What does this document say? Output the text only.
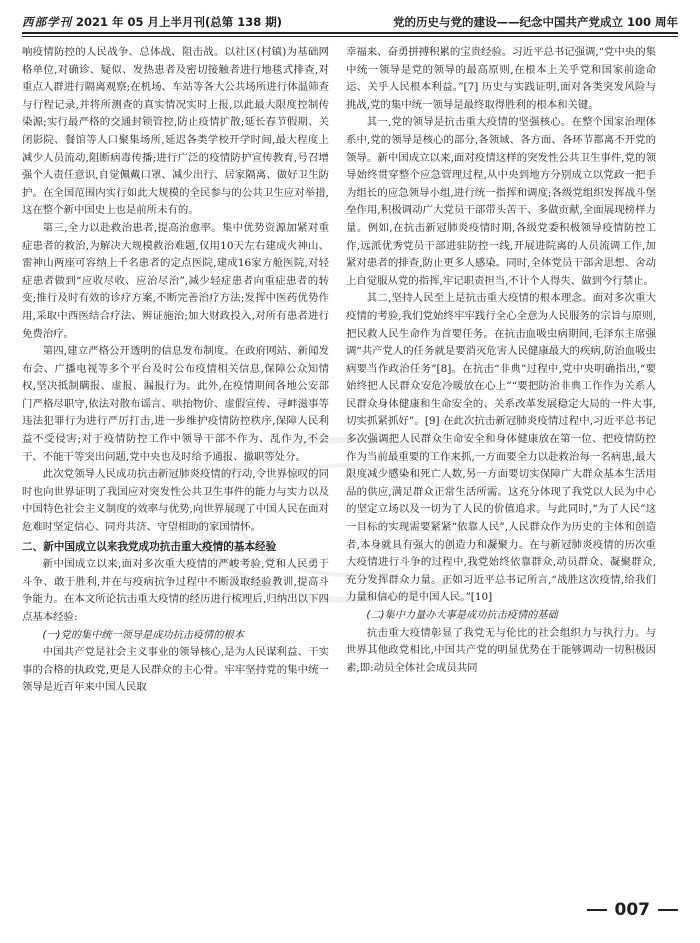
西部学刊 2021 年 05 月上半月刊(总第 138 期)	党的历史与党的建设——纪念中国共产党成立 100 周年

响疫情防控的人民战争、总体战、阻击战。以社区(村镇)为基础网格单位,对确诊、疑似、发热患者及密切接触者进行地毯式排查,对重点人群进行隔离观察;在机场、车站等各大公共场所进行体温筛查与行程记录,并将所测查的真实情况实时上报,以此最大限度控制传染源;实行最严格的交通封锁管控,防止疫情扩散;延长春节假期、关闭影院、餐馆等人口聚集场所,延迟各类学校开学时间,最大程度上减少人员流动,阻断病毒传播;进行广泛的疫情防护宣传教育,号召增强个人责任意识,自觉佩戴口罩、减少出行、居家隔离、做好卫生防护。在全国范围内实行如此大规模的全民参与的公共卫生应对举措,这在整个新中国史上也是前所未有的。

第三,全力以赴救治患者,提高治愈率。集中优势资源加紧对重症患者的救治,为解决大规模救治难题,仅用10天左右建成火神山、雷神山两座可容纳上千名患者的定点医院,建成16家方舱医院,对轻症患者做到“应收尽收、应治尽治”,减少轻症患者向重症患者的转变;推行及时有效的诊疗方案,不断完善治疗方法;发挥中医药优势作用,采取中西医结合疗法、辨证施治;加大财政投入,对所有患者进行免费治疗。

第四,建立严格公开透明的信息发布制度。在政府网站、新闻发布会、广播电视等多个平台及时公布疫情相关信息,保障公众知情权,坚决抵制瞒报、虚报、漏报行为。此外,在疫情期间各地公安部门严格尽职守,依法对散布谣言、哄抬物价、虚假宣传、寻衅滋事等违法犯罪行为进行严厉打击,进一步维护疫情防控秩序,保障人民利益不受侵害;对于疫情防控工作中领导干部不作为、乱作为,不会干、不能干等突出问题,党中央也及时给予通报、撤职等处分。

此次党领导人民成功抗击新冠肺炎疫情的行动,令世界惊叹的同时也向世界证明了我国应对突发性公共卫生事件的能力与实力以及中国特色社会主义制度的效率与优势,向世界展现了中国人民在面对危难时坚定信心、同舟共济、守望相助的家国情怀。

二、新中国成立以来我党成功抗击重大疫情的基本经验

新中国成立以来,面对多次重大疫情的严峻考验,党和人民勇于斗争、敢于胜利,并在与疫病抗争过程中不断汲取经验教训,提高斗争能力。在本文所论抗击重大疫情的经历进行梳理后,归纳出以下四点基本经验:

(一)党的集中统一领导是成功抗击疫情的根本

中国共产党是社会主义事业的领导核心,是为人民谋利益、干实事的合格的执政党,更是人民群众的主心骨。牢牢坚持党的集中统一领导是近百年来中国人民取

幸福来、奋勇拼搏积累的宝贵经验。习近平总书记强调,“党中央的集中统一领导是党的领导的最高原则,在根本上关乎党和国家前途命运、关乎人民根本利益。”[7] 历史与实践证明,面对各类突发风险与挑战,党的集中统一领导是最终取得胜利的根本和关键。

其一,党的领导是抗击重大疫情的坚强核心。在整个国家治理体系中,党的领导是核心的部分,各领域、各方面、各环节都离不开党的领导。新中国成立以来,面对疫情这样的突发性公共卫生事件,党的领导始终贯穿整个应急管理过程,从中央到地方分别成立以党政一把手为组长的应急领导小组,进行统一指挥和调度;各级党组织发挥战斗堡垒作用,积极调动广大党员干部带头苦干、多做贡献,全面展现榜样力量。例如,在抗击新冠肺炎疫情时期,各级党委积极领导疫情防控工作,远派优秀党员干部进驻防控一线,开展进院离的人员流调工作,加紧对患者的排查,防止更多人感染。同时,全体党员干部舍思想、舍动上自觉服从党的指挥,牢记职责担当,不计个人得失、做到今行禁止。

其二,坚持人民至上是抗击重大疫情的根本理念。面对多次重大疫情的考验,我们党始终牢牢践行全心全意为人民服务的宗旨与原则,把民救人民生命作为首要任务。在抗击血吸虫病期间,毛泽东主席强调“共产党人的任务就是要消灭危害人民健康最大的疾病,防治血吸虫病要当作政治任务”[8]。在抗击“非典”过程中,党中央明确指出,“要始终把人民群众安危冷暖放在心上”“要把防治非典工作作为关系人民群众身体健康和生命安全的、关系改革发展稳定大局的一件大事,切实抓紧抓好”。[9] 在此次抗击新冠肺炎疫情过程中,习近平总书记多次强调把人民群众生命安全和身体健康放在第一位、把疫情防控作为当前最重要的工作来抓,一方面要全力以赴救治每一名病患,最大限度减少感染和死亡人数,另一方面要切实保障广大群众基本生活用品的供应,满足群众正常生活所需。这充分体现了我党以人民为中心的坚定立场以及一切为了人民的价值追求。与此同时,“为了人民”这一目标的实现需要紧紧“依靠人民”,人民群众作为历史的主体和创造者,本身就具有强大的创造力和凝聚力。在与新冠肺炎疫情的历次重大疫情进行斗争的过程中,我党始终依靠群众,动员群众、凝聚群众,充分发挥群众力量。正如习近平总书记所言,“战胜这次疫情,给我们力量和信心的是中国人民。”[10]

(二)集中力量办大事是成功抗击疫情的基础

抗击重大疫情彰显了我党无与伦比的社会组织力与执行力。与世界其他政党相比,中国共产党的明显优势在于能够调动一切积极因素,即:动员全体社会成员共同

007
